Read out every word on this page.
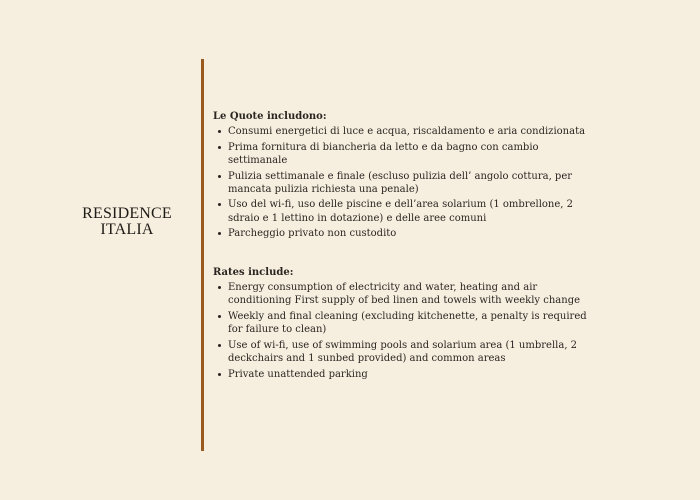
RESIDENCE
ITALIA
Le Quote includono:
Consumi energetici di luce e acqua, riscaldamento e aria condizionata
Prima fornitura di biancheria da letto e da bagno con cambio settimanale
Pulizia settimanale e finale (escluso pulizia dell’ angolo cottura, per mancata pulizia richiesta una penale)
Uso del wi-fi, uso delle piscine e dell’area solarium (1 ombrellone, 2 sdraio e 1 lettino in dotazione) e delle aree comuni
Parcheggio privato non custodito
Rates include:
Energy consumption of electricity and water, heating and air conditioning First supply of bed linen and towels with weekly change
Weekly and final cleaning (excluding kitchenette, a penalty is required for failure to clean)
Use of wi-fi, use of swimming pools and solarium area (1 umbrella, 2 deckchairs and 1 sunbed provided) and common areas
Private unattended parking
